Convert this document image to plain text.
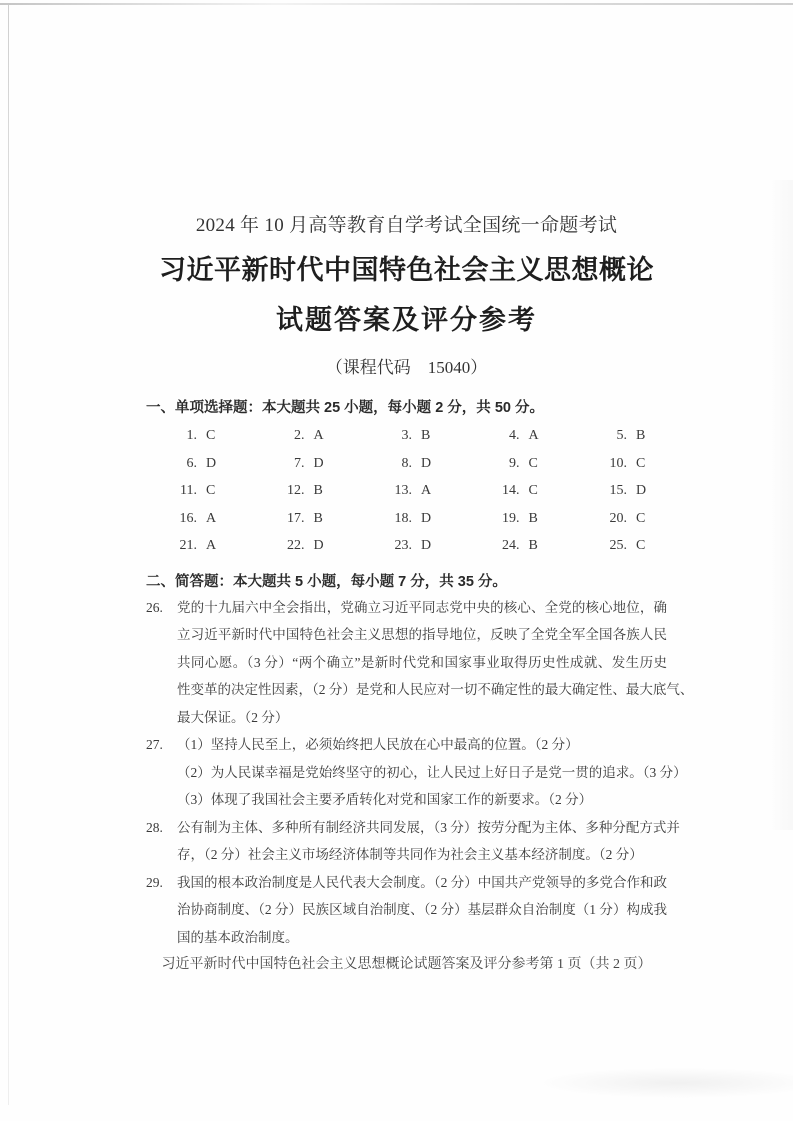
2024 年 10 月高等教育自学考试全国统一命题考试
习近平新时代中国特色社会主义思想概论
试题答案及评分参考
（课程代码　15040）
一、单项选择题：本大题共 25 小题，每小题 2 分，共 50 分。
1. C	2. A	3. B	4. A	5. B
6. D	7. D	8. D	9. C	10. C
11. C	12. B	13. A	14. C	15. D
16. A	17. B	18. D	19. B	20. C
21. A	22. D	23. D	24. B	25. C
二、简答题：本大题共 5 小题，每小题 7 分，共 35 分。
26.	党的十九届六中全会指出，党确立习近平同志党中央的核心、全党的核心地位，确
立习近平新时代中国特色社会主义思想的指导地位，反映了全党全军全国各族人民
共同心愿。（3 分）“两个确立”是新时代党和国家事业取得历史性成就、发生历史
性变革的决定性因素，（2 分）是党和人民应对一切不确定性的最大确定性、最大底气、
最大保证。（2 分）
27.	（1）坚持人民至上，必须始终把人民放在心中最高的位置。（2 分）
（2）为人民谋幸福是党始终坚守的初心，让人民过上好日子是党一贯的追求。（3 分）
（3）体现了我国社会主要矛盾转化对党和国家工作的新要求。（2 分）
28.	公有制为主体、多种所有制经济共同发展，（3 分）按劳分配为主体、多种分配方式并
存，（2 分）社会主义市场经济体制等共同作为社会主义基本经济制度。（2 分）
29.	我国的根本政治制度是人民代表大会制度。（2 分）中国共产党领导的多党合作和政
治协商制度、（2 分）民族区域自治制度、（2 分）基层群众自治制度（1 分）构成我
国的基本政治制度。
习近平新时代中国特色社会主义思想概论试题答案及评分参考第 1 页（共 2 页）
